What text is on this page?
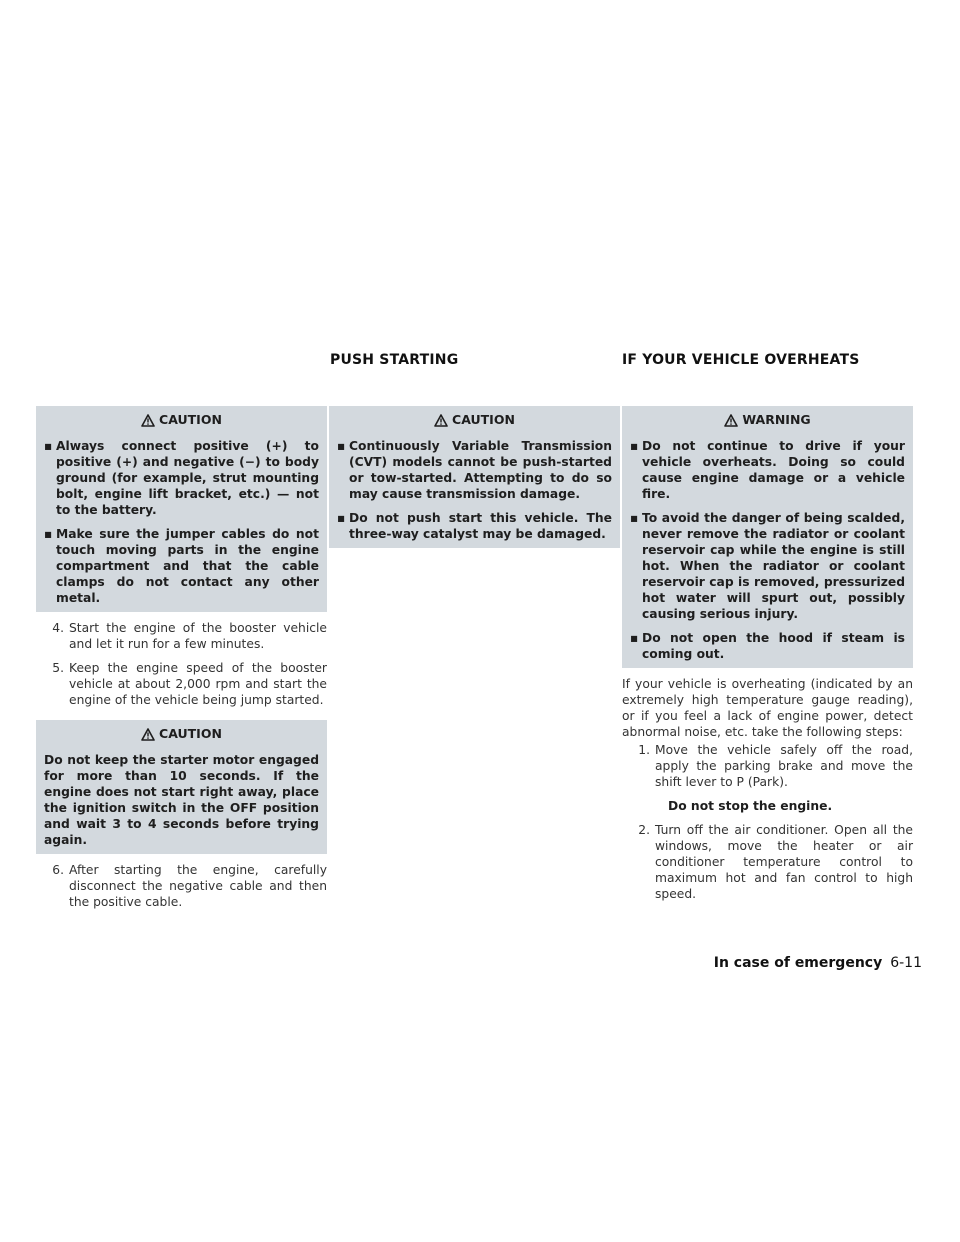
PUSH STARTING	IF YOUR VEHICLE OVERHEATS
CAUTION
▪ Always connect positive (+) to positive (+) and negative (−) to body ground (for example, strut mounting bolt, engine lift bracket, etc.) — not to the battery.
▪ Make sure the jumper cables do not touch moving parts in the engine compartment and that the cable clamps do not contact any other metal.
4. Start the engine of the booster vehicle and let it run for a few minutes.
5. Keep the engine speed of the booster vehicle at about 2,000 rpm and start the engine of the vehicle being jump started.
CAUTION
Do not keep the starter motor engaged for more than 10 seconds. If the engine does not start right away, place the ignition switch in the OFF position and wait 3 to 4 seconds before trying again.
6. After starting the engine, carefully disconnect the negative cable and then the positive cable.
CAUTION
▪ Continuously Variable Transmission (CVT) models cannot be push-started or tow-started. Attempting to do so may cause transmission damage.
▪ Do not push start this vehicle. The three-way catalyst may be damaged.
WARNING
▪ Do not continue to drive if your vehicle overheats. Doing so could cause engine damage or a vehicle fire.
▪ To avoid the danger of being scalded, never remove the radiator or coolant reservoir cap while the engine is still hot. When the radiator or coolant reservoir cap is removed, pressurized hot water will spurt out, possibly causing serious injury.
▪ Do not open the hood if steam is coming out.
If your vehicle is overheating (indicated by an extremely high temperature gauge reading), or if you feel a lack of engine power, detect abnormal noise, etc. take the following steps:
1. Move the vehicle safely off the road, apply the parking brake and move the shift lever to P (Park).
Do not stop the engine.
2. Turn off the air conditioner. Open all the windows, move the heater or air conditioner temperature control to maximum hot and fan control to high speed.
In case of emergency 6-11
